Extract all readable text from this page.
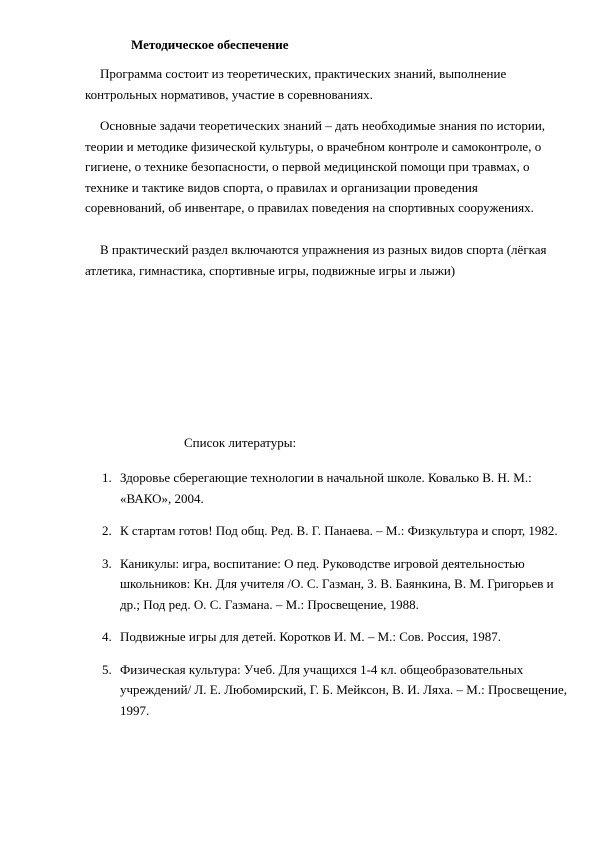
Методическое обеспечение

Программа состоит из теоретических, практических знаний, выполнение контрольных нормативов, участие в соревнованиях.

Основные задачи теоретических знаний – дать необходимые знания по истории, теории и методике физической культуры, о врачебном контроле и самоконтроле, о гигиене, о технике безопасности, о первой медицинской помощи при травмах, о технике и тактике видов спорта, о правилах и организации проведения соревнований, об инвентаре, о правилах поведения на спортивных сооружениях.

В практический раздел включаются упражнения из разных видов спорта (лёгкая атлетика, гимнастика, спортивные игры, подвижные игры и лыжи)

Список литературы:
1. Здоровье сберегающие технологии в начальной школе. Ковалько В. Н. М.: «ВАКО», 2004.
2. К стартам готов! Под общ. Ред. В. Г. Панаева. – М.: Физкультура и спорт, 1982.
3. Каникулы: игра, воспитание: О пед. Руководстве игровой деятельностью школьников: Кн. Для учителя /О. С. Газман, З. В. Баянкина, В. М. Григорьев и др.; Под ред. О. С. Газмана. – М.: Просвещение, 1988.
4. Подвижные игры для детей. Коротков И. М. – М.: Сов. Россия, 1987.
5. Физическая культура: Учеб. Для учащихся 1-4 кл. общеобразовательных учреждений/ Л. Е. Любомирский, Г. Б. Мейксон, В. И. Ляха. – М.: Просвещение, 1997.
